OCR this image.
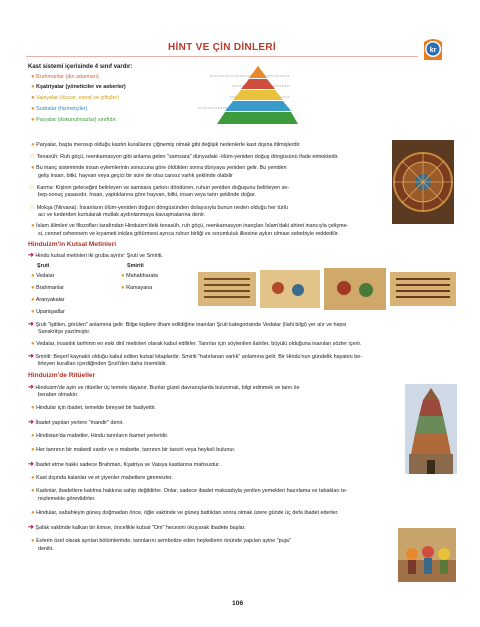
HİNT VE ÇİN DİNLERİ	kr
Kast sistemi içerisinde 4 sınıf vardır:
● Brahmanlar (din adamları)
● Kşatriyalar (yöneticiler ve askerler)
● Vaisyalar (tüccar, esnaf ve çiftçiler)
● Sudralar (hizmetçiler)
● Paryalar (dokunulmazlar) sınıfıdır.
● Paryalar, başta mensup olduğu kastın kurallarını çiğnemiş olmak gibi değişik nedenlerle kast dışına itilmişlerdir.
☆ Tenasüh: Ruh göçü, reenkarnasyon gibi anlama gelen "samsara" dünyadaki -ölüm-yeniden doğuş döngüsünü ifade etmektedir.
● Bu inanç sisteminde insan eylemlerinin sonucuna göre öldükten sonra dünyaya yeniden gelir. Bu yeniden
geliş insan, bitki, hayvan veya geçici bir süre de olsa cansız varlık şeklinde olabilir
☆ Karma: Kişinin geleceğini belirleyen ve samsara çarkını döndüren, ruhun yeniden doğuşunu belirleyen se-
bep-sonuç yasasıdır. İnsan, yaptıklarına göre hayvan, bitki, insan veya tanrı şeklinde doğar.
☆ Mokşa (Nirvana): İnsanların ölüm-yeniden doğum döngüsünden dolayısıyla bunun neden olduğu her türlü
acı ve kederden kurtularak mutlak aydınlanmaya kavuşmalarına denir.
● İslam âlimleri ve filozofları tarafından Hinduizm'deki tenasüh, ruh göçü, reenkarnasyon inançları İslam'daki ahiret inancıyla çelişme-
si, cennet cehennem ve kıyameti inkâra götürmesi ayrıca ruhun birliği ve sorumluluk ilkesine aykırı olması sebebiyle reddedilir.
Hinduizm'in Kutsal Metinleri
➜ Hindu kutsal metinleri iki gruba ayrılır: Şruti ve Smiriti.
Şruti	Smiriti
● Vedalar
● Brahmanlar
● Aranyakalar
● Upanişadlar
● Mahabharata
● Ramayana
➜ Şruti "işitilen, görülen" anlamına gelir. Bilge kişilere ilham edildiğine inanılan Şruti kategorisinde Vedalar (ilahi bilgi) yer alır ve hepsi
Sanskritçe yazılmıştır.
● Vedalar, insanlık tarihinin en eski dinî metinleri olarak kabul edilirler. Tanrılar için söylenilen ilahiler, büyülü olduğuna inanılan sözler içerir.
➜ Smiriti: Beşerî kaynaklı olduğu kabul edilen kutsal kitaplardır. Smiriti "hatırlanan varlık" anlamına gelir. Bir Hindu'nun gündelik hayatını be-
lirleyen kuralları içerdiğinden Şruti'den daha önemlidir.
Hinduizm'de Ritüeller
➜ Hinduizm'de ayin ve ritüeller üç temele dayanır. Bunlar güzel davranışlarda bulunmak, bilgi edinmek ve tanrı ile
beraber olmaktır.
● Hindular için ibadet, temelde bireysel bir faaliyettir.
➜ İbadet yapılan yerlere "mandir" denir.
● Hindistan'da mabetler, Hindu tanrıların ikamet yerleridir.
● Her tanrının bir mabedi vardır ve o mabette, tanrının bir tasviri veya heykeli bulunur.
➜ İbadet etme hakkı sadece Brahman, Kşatriya ve Vaisya kastlarına mahsustur.
● Kast dışında kalanlar ve et yiyenler mabetlere giremezler.
● Kadınlar, ibadetlere katılma hakkına sahip değildirler. Onlar, sadece ibadet maksadıyla yenilen yemekleri hazırlama ve tabakları te-
mizlemekle görevlidirler.
● Hindular, sabahleyin güneş doğmadan önce, öğle vaktinde ve güneş battıktan sonra olmak üzere günde üç defa ibadet ederler.
➜ Şafak vaktinde kalkan bir kimse, öncelikle kutsal "Om" hecesini okuyarak ibadete başlar.
● Evlerin özel olarak ayrılan bölümlerinde, tanrılarını sembolize eden heykellerin önünde yapılan ayine "puja"
denilir.
106
